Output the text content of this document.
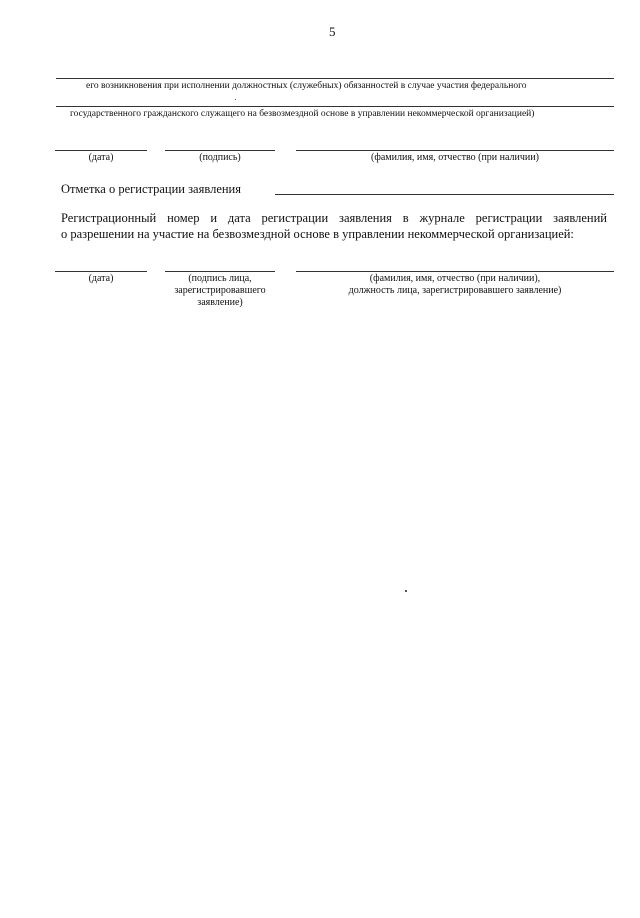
5
его возникновения при исполнении должностных (служебных) обязанностей в случае участия федерального
государственного гражданского служащего на безвозмездной основе в управлении некоммерческой организацией)
(дата)	(подпись)	(фамилия, имя, отчество (при наличии)
Отметка о регистрации заявления
Регистрационный номер и дата регистрации заявления в журнале регистрации заявлений
о разрешении на участие на безвозмездной основе в управлении некоммерческой организацией:
(дата)	(подпись лица,
зарегистрировавшего
заявление)
(фамилия, имя, отчество (при наличии),
должность лица, зарегистрировавшего заявление)
